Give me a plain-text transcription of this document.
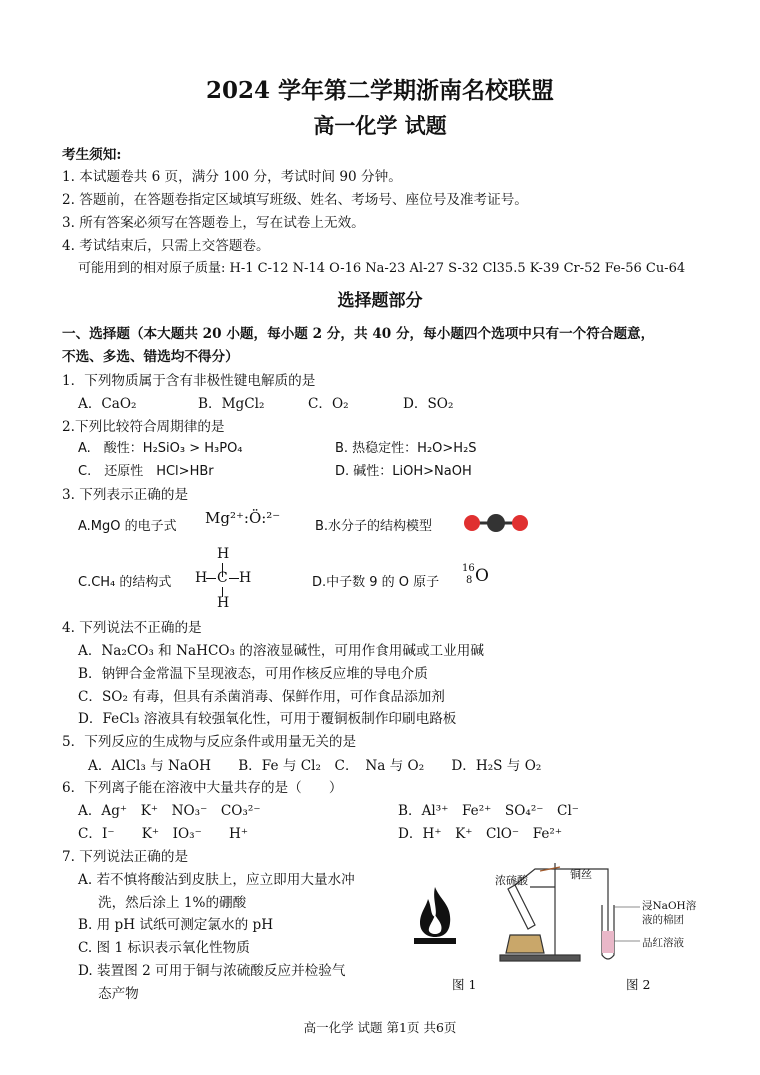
2024 学年第二学期浙南名校联盟
高一化学 试题
考生须知:
1. 本试题卷共 6 页，满分 100 分，考试时间 90 分钟。
2. 答题前，在答题卷指定区域填写班级、姓名、考场号、座位号及准考证号。
3. 所有答案必须写在答题卷上，写在试卷上无效。
4. 考试结束后，只需上交答题卷。
可能用到的相对原子质量: H-1 C-12 N-14 O-16 Na-23 Al-27 S-32 Cl35.5 K-39 Cr-52 Fe-56 Cu-64
选择题部分
一、选择题（本大题共 20 小题，每小题 2 分，共 40 分，每小题四个选项中只有一个符合题意，
不选、多选、错选均不得分）
1．下列物质属于含有非极性键电解质的是
A．CaO₂	B．MgCl₂	C．O₂	D．SO₂
2.下列比较符合周期律的是
A.　酸性：H₂SiO₃ > H₃PO₄	B. 热稳定性：H₂O>H₂S
C.　还原性　HCl>HBr	D. 碱性：LiOH>NaOH
3. 下列表示正确的是
A.MgO 的电子式 Mg²⁺:Ö:²⁻	B.水分子的结构模型
C.CH₄ 的结构式
H
H C H
H
D.中子数 9 的 O 原子
16
8 O
4. 下列说法不正确的是
A．Na₂CO₃ 和 NaHCO₃ 的溶液显碱性，可用作食用碱或工业用碱
B．钠钾合金常温下呈现液态，可用作核反应堆的导电介质
C．SO₂ 有毒，但具有杀菌消毒、保鲜作用，可作食品添加剂
D．FeCl₃ 溶液具有较强氧化性，可用于覆铜板制作印刷电路板
5．下列反应的生成物与反应条件或用量无关的是
A．AlCl₃ 与 NaOH　　B．Fe 与 Cl₂　C．　Na 与 O₂　　D．H₂S 与 O₂
6．下列离子能在溶液中大量共存的是（　　）
A．Ag⁺　K⁺　NO₃⁻　CO₃²⁻	B．Al³⁺　Fe²⁺　SO₄²⁻　Cl⁻
C．I⁻　　K⁺　IO₃⁻　　H⁺	D．H⁺　K⁺　ClO⁻　Fe²⁺
7. 下列说法正确的是
A. 若不慎将酸沾到皮肤上，应立即用大量水冲
洗，然后涂上 1%的硼酸
B. 用 pH 试纸可测定氯水的 pH
C. 图 1 标识表示氧化性物质
D. 装置图 2 可用于铜与浓硫酸反应并检验气
态产物
图 1
浓硫酸	铜丝
浸NaOH溶
液的棉团
品红溶液
图 2
高一化学 试题 第1页 共6页
